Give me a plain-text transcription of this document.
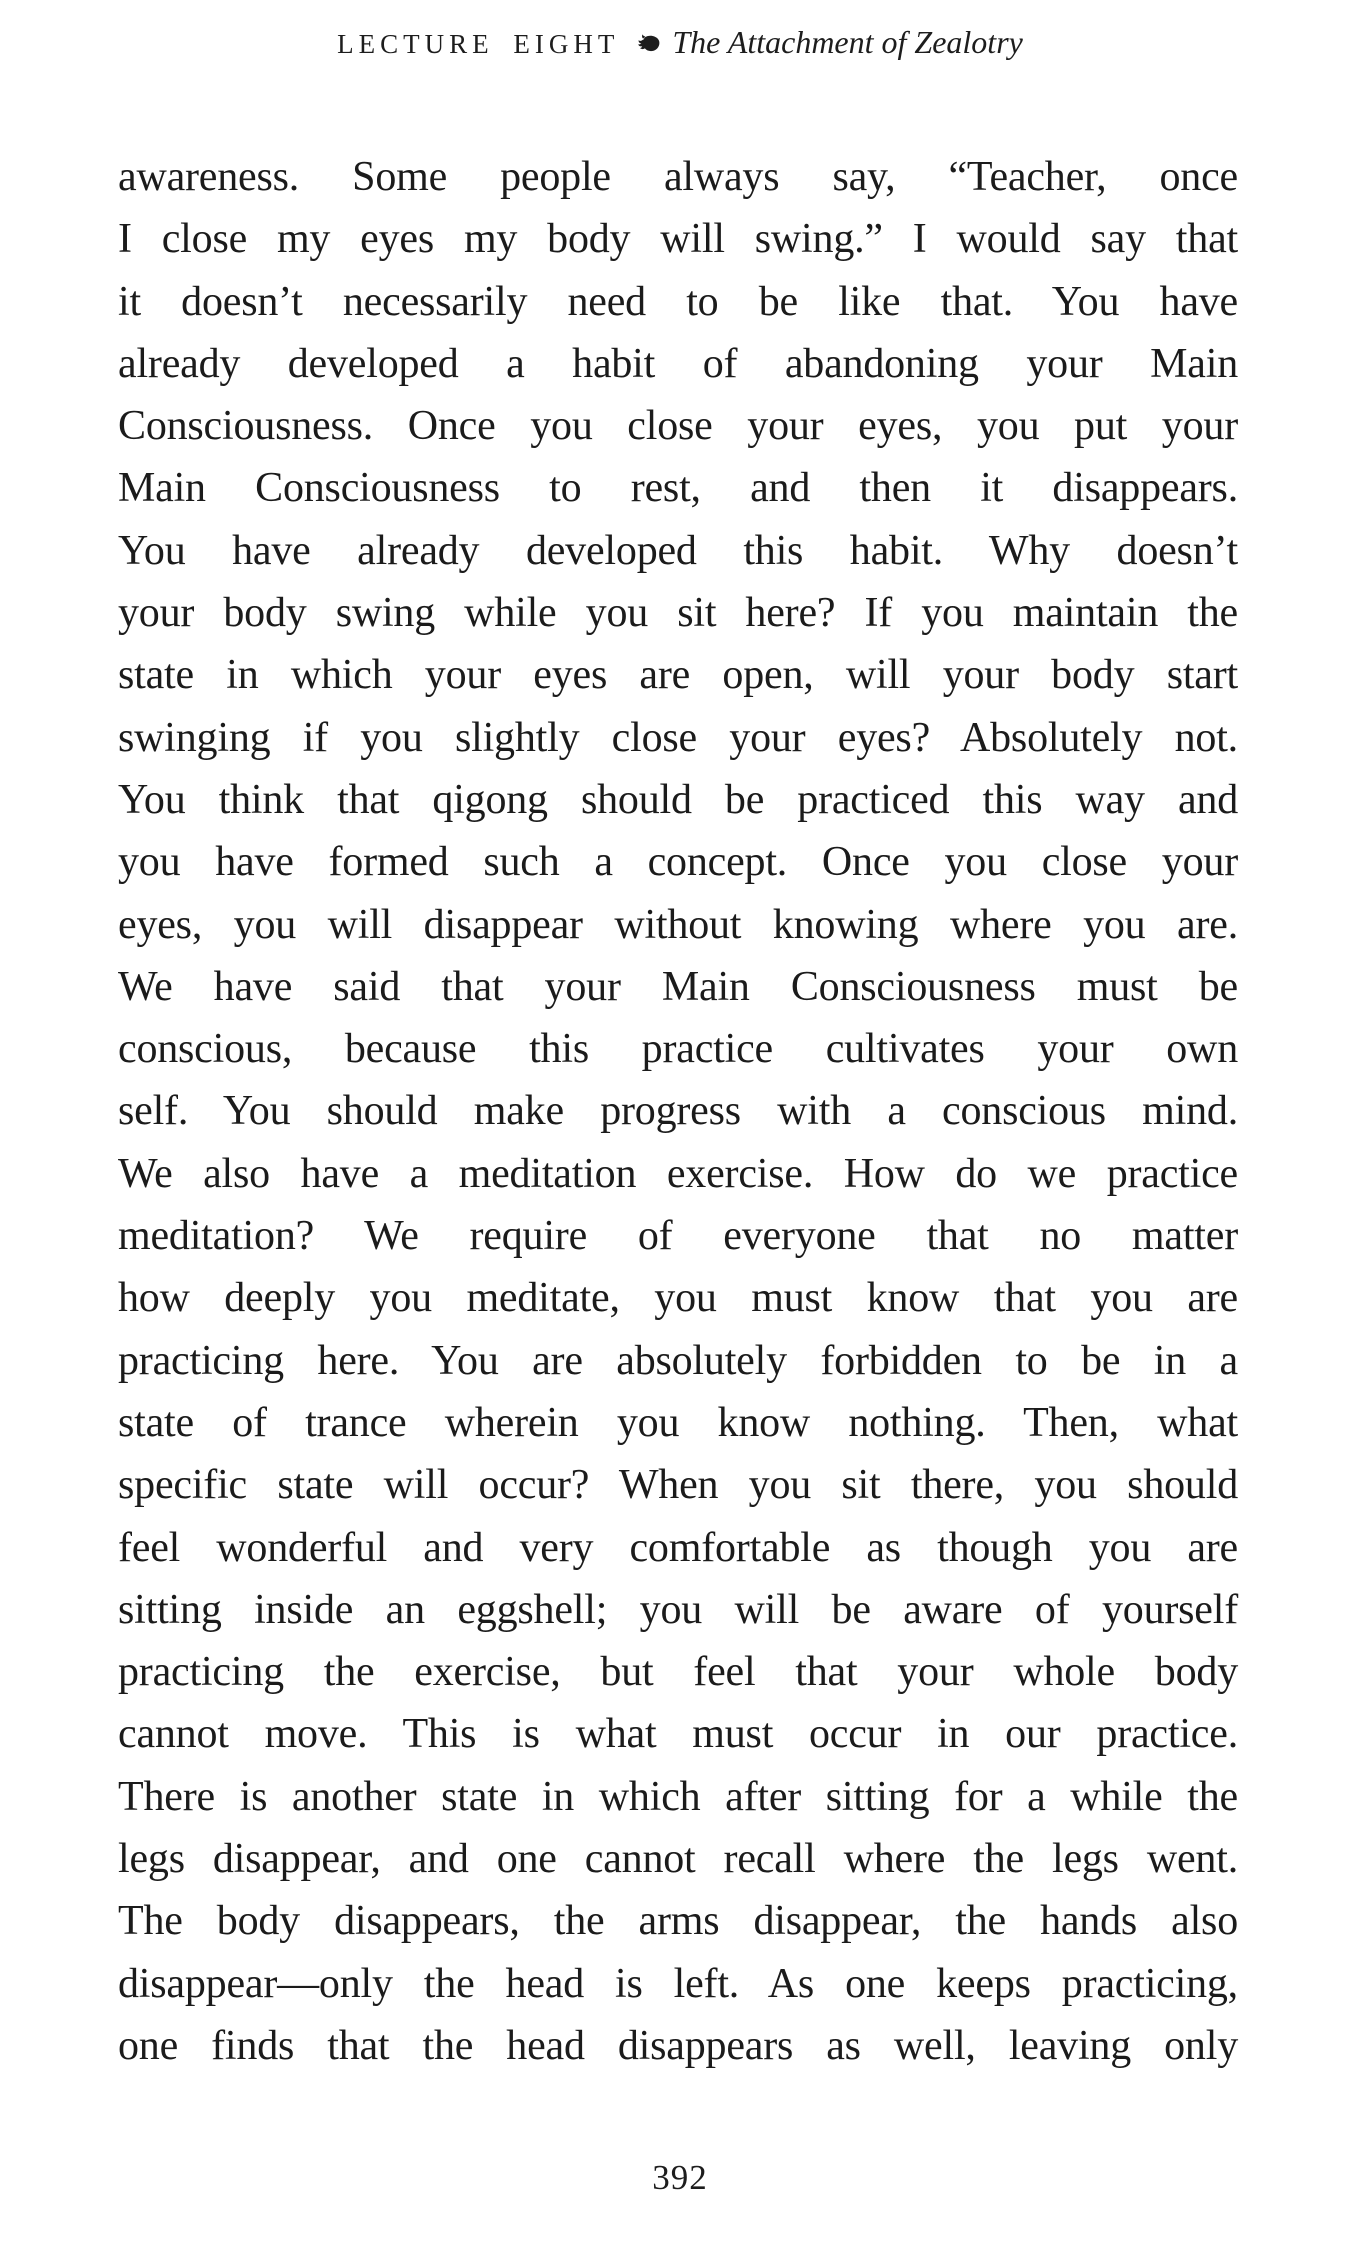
LECTURE EIGHT The Attachment of Zealotry

awareness. Some people always say, “Teacher, once

I close my eyes my body will swing.” I would say that

it doesn’t necessarily need to be like that. You have

already developed a habit of abandoning your Main

Consciousness. Once you close your eyes, you put your

Main Consciousness to rest, and then it disappears.

You have already developed this habit. Why doesn’t

your body swing while you sit here? If you maintain the

state in which your eyes are open, will your body start

swinging if you slightly close your eyes? Absolutely not.

You think that qigong should be practiced this way and

you have formed such a concept. Once you close your

eyes, you will disappear without knowing where you are.

We have said that your Main Consciousness must be

conscious, because this practice cultivates your own

self. You should make progress with a conscious mind.

We also have a meditation exercise. How do we practice

meditation? We require of everyone that no matter

how deeply you meditate, you must know that you are

practicing here. You are absolutely forbidden to be in a

state of trance wherein you know nothing. Then, what

specific state will occur? When you sit there, you should

feel wonderful and very comfortable as though you are

sitting inside an eggshell; you will be aware of yourself

practicing the exercise, but feel that your whole body

cannot move. This is what must occur in our practice.

There is another state in which after sitting for a while the

legs disappear, and one cannot recall where the legs went.

The body disappears, the arms disappear, the hands also

disappear—only the head is left. As one keeps practicing,

one finds that the head disappears as well, leaving only

392
